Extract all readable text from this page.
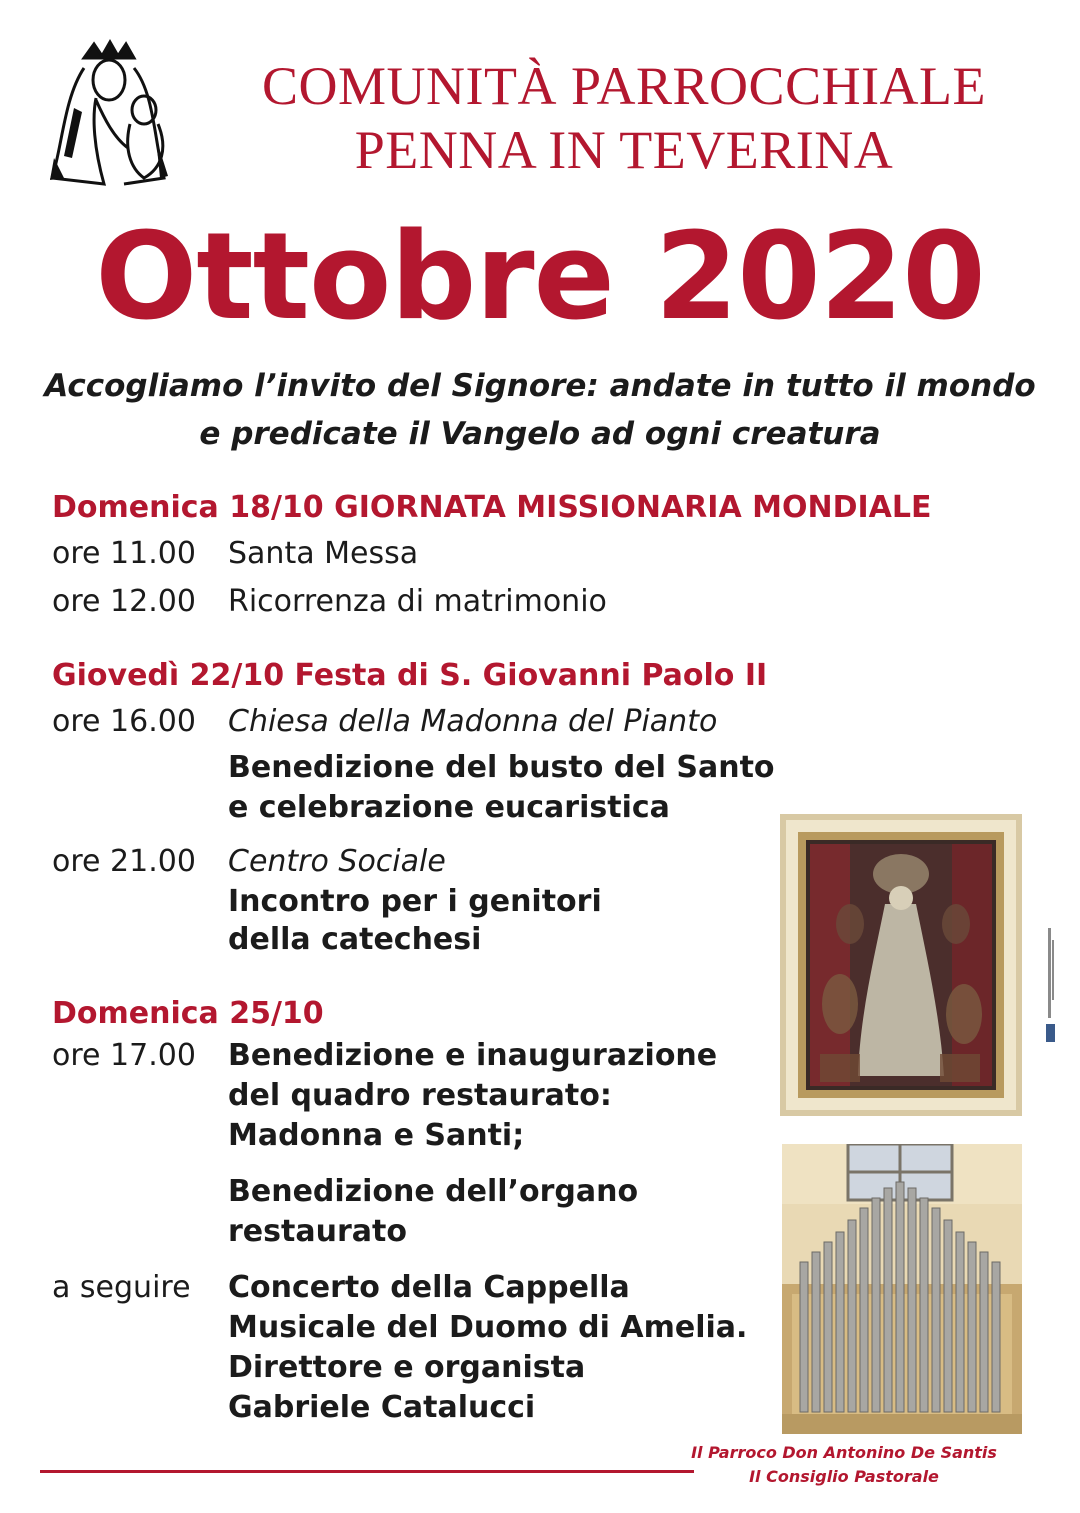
COMUNITÀ PARROCCHIALE
PENNA IN TEVERINA
Ottobre 2020
Accogliamo l’invito del Signore: andate in tutto il mondo
e predicate il Vangelo ad ogni creatura
Domenica 18/10 GIORNATA MISSIONARIA MONDIALE
ore 11.00 Santa Messa
ore 12.00 Ricorrenza di matrimonio
Giovedì 22/10 Festa di S. Giovanni Paolo II
ore 16.00 Chiesa della Madonna del Pianto
Benedizione del busto del Santo
e celebrazione eucaristica
ore 21.00 Centro Sociale
Incontro per i genitori
della catechesi
Domenica 25/10
ore 17.00 Benedizione e inaugurazione
del quadro restaurato:
Madonna e Santi;
Benedizione dell’organo
restaurato
a seguire Concerto della Cappella
Musicale del Duomo di Amelia.
Direttore e organista
Gabriele Catalucci
Il Parroco Don Antonino De Santis
Il Consiglio Pastorale
